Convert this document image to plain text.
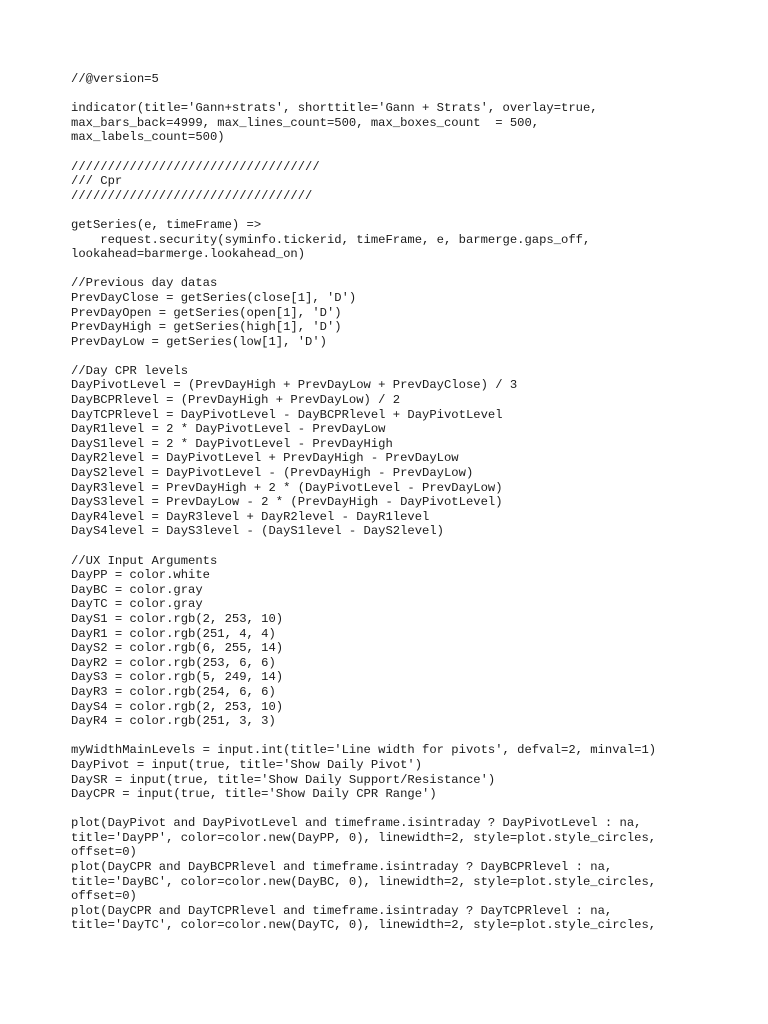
//@version=5
indicator(title='Gann+strats', shorttitle='Gann + Strats', overlay=true,
max_bars_back=4999, max_lines_count=500, max_boxes_count  = 500,
max_labels_count=500)
//////////////////////////////////
/// Cpr
/////////////////////////////////
getSeries(e, timeFrame) =>
request.security(syminfo.tickerid, timeFrame, e, barmerge.gaps_off,
lookahead=barmerge.lookahead_on)
//Previous day datas
PrevDayClose = getSeries(close[1], 'D')
PrevDayOpen = getSeries(open[1], 'D')
PrevDayHigh = getSeries(high[1], 'D')
PrevDayLow = getSeries(low[1], 'D')
//Day CPR levels
DayPivotLevel = (PrevDayHigh + PrevDayLow + PrevDayClose) / 3
DayBCPRlevel = (PrevDayHigh + PrevDayLow) / 2
DayTCPRlevel = DayPivotLevel - DayBCPRlevel + DayPivotLevel
DayR1level = 2 * DayPivotLevel - PrevDayLow
DayS1level = 2 * DayPivotLevel - PrevDayHigh
DayR2level = DayPivotLevel + PrevDayHigh - PrevDayLow
DayS2level = DayPivotLevel - (PrevDayHigh - PrevDayLow)
DayR3level = PrevDayHigh + 2 * (DayPivotLevel - PrevDayLow)
DayS3level = PrevDayLow - 2 * (PrevDayHigh - DayPivotLevel)
DayR4level = DayR3level + DayR2level - DayR1level
DayS4level = DayS3level - (DayS1level - DayS2level)
//UX Input Arguments
DayPP = color.white
DayBC = color.gray
DayTC = color.gray
DayS1 = color.rgb(2, 253, 10)
DayR1 = color.rgb(251, 4, 4)
DayS2 = color.rgb(6, 255, 14)
DayR2 = color.rgb(253, 6, 6)
DayS3 = color.rgb(5, 249, 14)
DayR3 = color.rgb(254, 6, 6)
DayS4 = color.rgb(2, 253, 10)
DayR4 = color.rgb(251, 3, 3)
myWidthMainLevels = input.int(title='Line width for pivots', defval=2, minval=1)
DayPivot = input(true, title='Show Daily Pivot')
DaySR = input(true, title='Show Daily Support/Resistance')
DayCPR = input(true, title='Show Daily CPR Range')
plot(DayPivot and DayPivotLevel and timeframe.isintraday ? DayPivotLevel : na,
title='DayPP', color=color.new(DayPP, 0), linewidth=2, style=plot.style_circles,
offset=0)
plot(DayCPR and DayBCPRlevel and timeframe.isintraday ? DayBCPRlevel : na,
title='DayBC', color=color.new(DayBC, 0), linewidth=2, style=plot.style_circles,
offset=0)
plot(DayCPR and DayTCPRlevel and timeframe.isintraday ? DayTCPRlevel : na,
title='DayTC', color=color.new(DayTC, 0), linewidth=2, style=plot.style_circles,
